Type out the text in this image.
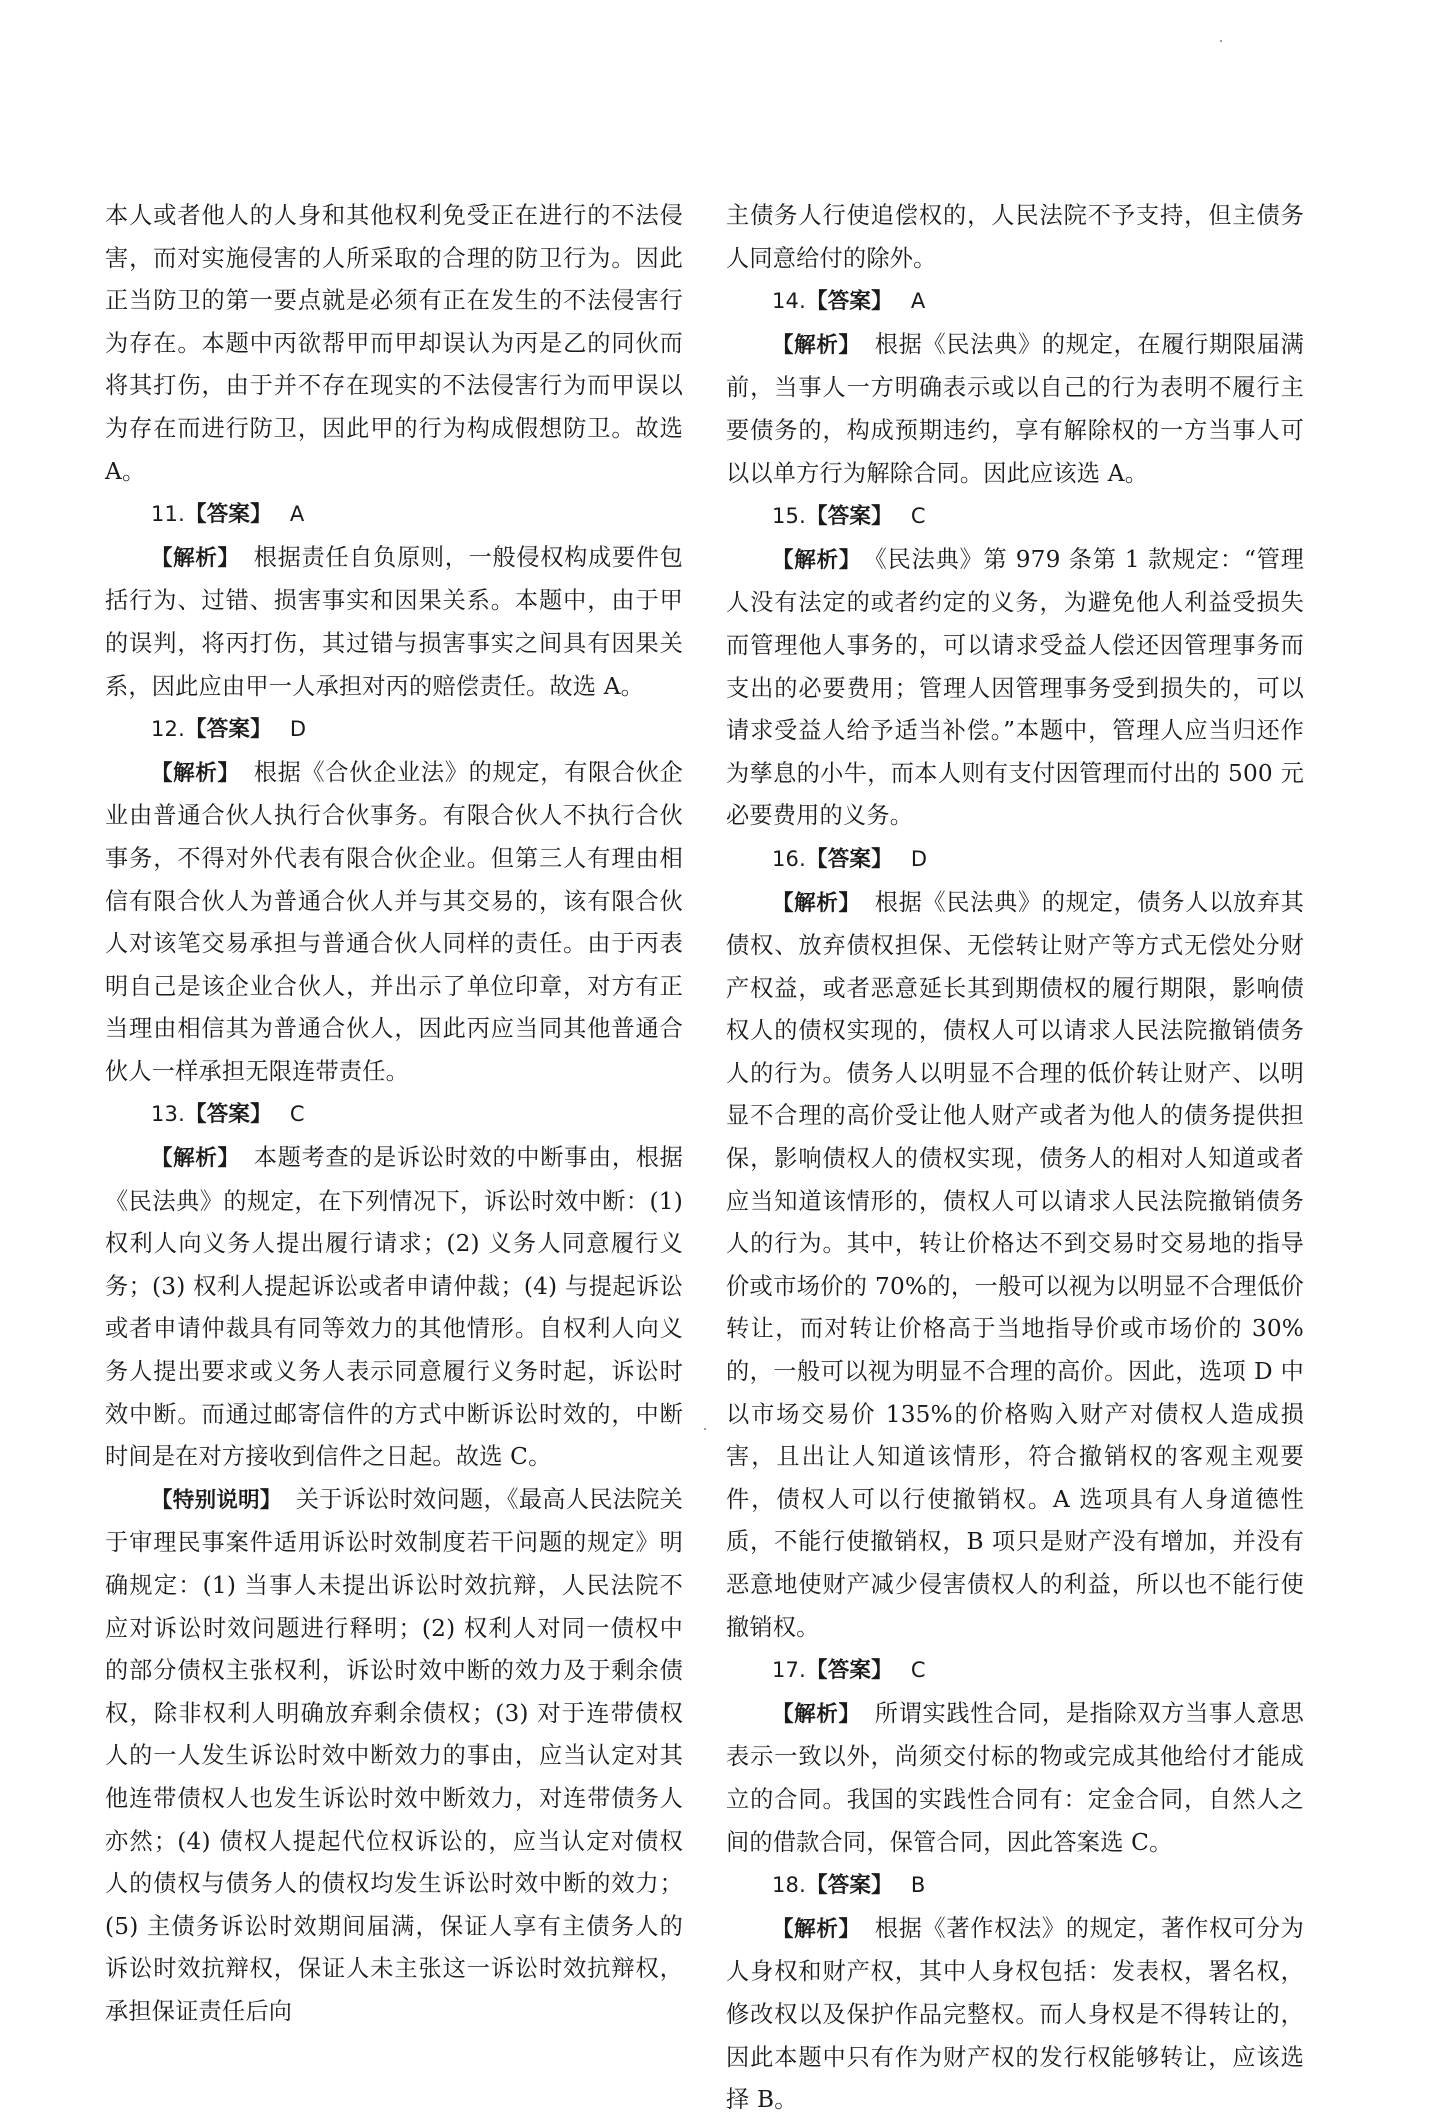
本人或者他人的人身和其他权利免受正在进行的不法侵害，而对实施侵害的人所采取的合理的防卫行为。因此正当防卫的第一要点就是必须有正在发生的不法侵害行为存在。本题中丙欲帮甲而甲却误认为丙是乙的同伙而将其打伤，由于并不存在现实的不法侵害行为而甲误以为存在而进行防卫，因此甲的行为构成假想防卫。故选 A。

11.【答案】 A

【解析】 根据责任自负原则，一般侵权构成要件包括行为、过错、损害事实和因果关系。本题中，由于甲的误判，将丙打伤，其过错与损害事实之间具有因果关系，因此应由甲一人承担对丙的赔偿责任。故选 A。

12.【答案】 D

【解析】 根据《合伙企业法》的规定，有限合伙企业由普通合伙人执行合伙事务。有限合伙人不执行合伙事务，不得对外代表有限合伙企业。但第三人有理由相信有限合伙人为普通合伙人并与其交易的，该有限合伙人对该笔交易承担与普通合伙人同样的责任。由于丙表明自己是该企业合伙人，并出示了单位印章，对方有正当理由相信其为普通合伙人，因此丙应当同其他普通合伙人一样承担无限连带责任。

13.【答案】 C

【解析】 本题考查的是诉讼时效的中断事由，根据《民法典》的规定，在下列情况下，诉讼时效中断：(1) 权利人向义务人提出履行请求；(2) 义务人同意履行义务；(3) 权利人提起诉讼或者申请仲裁；(4) 与提起诉讼或者申请仲裁具有同等效力的其他情形。自权利人向义务人提出要求或义务人表示同意履行义务时起，诉讼时效中断。而通过邮寄信件的方式中断诉讼时效的，中断时间是在对方接收到信件之日起。故选 C。

【特别说明】 关于诉讼时效问题，《最高人民法院关于审理民事案件适用诉讼时效制度若干问题的规定》明确规定：(1) 当事人未提出诉讼时效抗辩，人民法院不应对诉讼时效问题进行释明；(2) 权利人对同一债权中的部分债权主张权利，诉讼时效中断的效力及于剩余债权，除非权利人明确放弃剩余债权；(3) 对于连带债权人的一人发生诉讼时效中断效力的事由，应当认定对其他连带债权人也发生诉讼时效中断效力，对连带债务人亦然；(4) 债权人提起代位权诉讼的，应当认定对债权人的债权与债务人的债权均发生诉讼时效中断的效力；(5) 主债务诉讼时效期间届满，保证人享有主债务人的诉讼时效抗辩权，保证人未主张这一诉讼时效抗辩权，承担保证责任后向

主债务人行使追偿权的，人民法院不予支持，但主债务人同意给付的除外。

14.【答案】 A

【解析】 根据《民法典》的规定，在履行期限届满前，当事人一方明确表示或以自己的行为表明不履行主要债务的，构成预期违约，享有解除权的一方当事人可以以单方行为解除合同。因此应该选 A。

15.【答案】 C

【解析】 《民法典》第 979 条第 1 款规定：“管理人没有法定的或者约定的义务，为避免他人利益受损失而管理他人事务的，可以请求受益人偿还因管理事务而支出的必要费用；管理人因管理事务受到损失的，可以请求受益人给予适当补偿。”本题中，管理人应当归还作为孳息的小牛，而本人则有支付因管理而付出的 500 元必要费用的义务。

16.【答案】 D

【解析】 根据《民法典》的规定，债务人以放弃其债权、放弃债权担保、无偿转让财产等方式无偿处分财产权益，或者恶意延长其到期债权的履行期限，影响债权人的债权实现的，债权人可以请求人民法院撤销债务人的行为。债务人以明显不合理的低价转让财产、以明显不合理的高价受让他人财产或者为他人的债务提供担保，影响债权人的债权实现，债务人的相对人知道或者应当知道该情形的，债权人可以请求人民法院撤销债务人的行为。其中，转让价格达不到交易时交易地的指导价或市场价的 70%的，一般可以视为以明显不合理低价转让，而对转让价格高于当地指导价或市场价的 30%的，一般可以视为明显不合理的高价。因此，选项 D 中以市场交易价 135%的价格购入财产对债权人造成损害，且出让人知道该情形，符合撤销权的客观主观要件，债权人可以行使撤销权。A 选项具有人身道德性质，不能行使撤销权，B 项只是财产没有增加，并没有恶意地使财产减少侵害债权人的利益，所以也不能行使撤销权。

17.【答案】 C

【解析】 所谓实践性合同，是指除双方当事人意思表示一致以外，尚须交付标的物或完成其他给付才能成立的合同。我国的实践性合同有：定金合同，自然人之间的借款合同，保管合同，因此答案选 C。

18.【答案】 B

【解析】 根据《著作权法》的规定，著作权可分为人身权和财产权，其中人身权包括：发表权，署名权，修改权以及保护作品完整权。而人身权是不得转让的，因此本题中只有作为财产权的发行权能够转让，应该选择 B。
